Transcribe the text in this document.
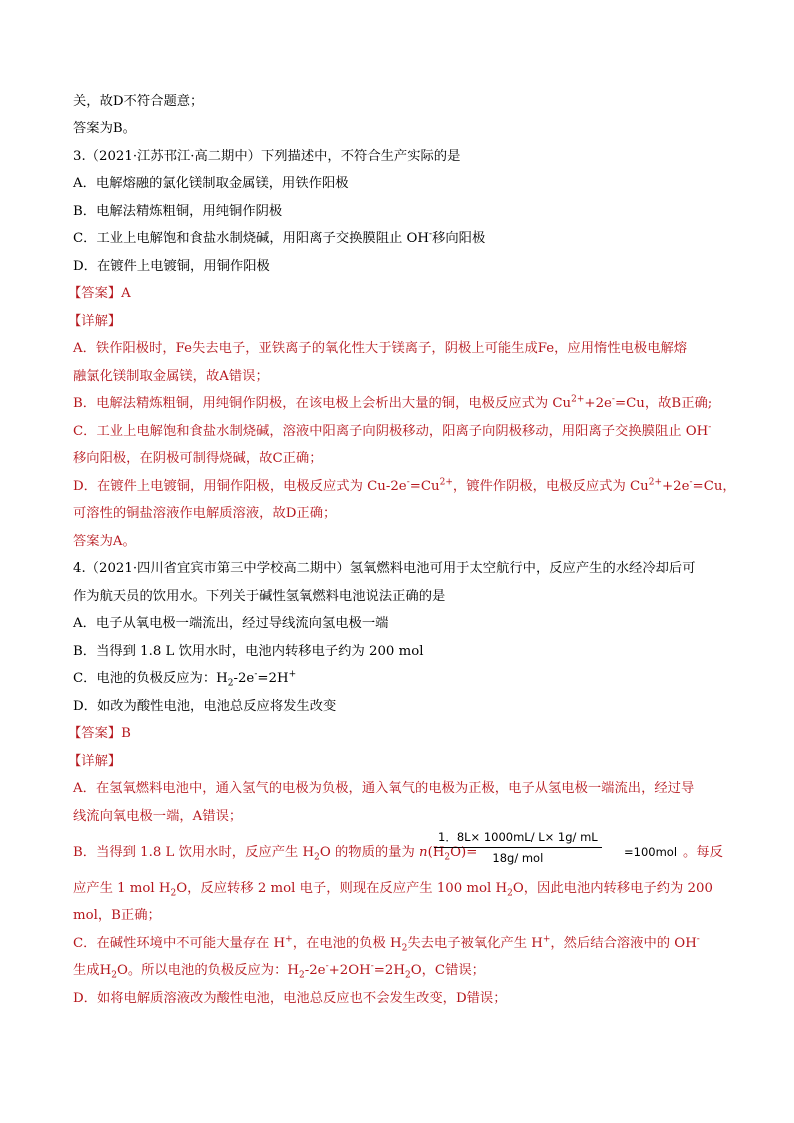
关，故D不符合题意；
答案为B。
3.（2021·江苏邗江·高二期中）下列描述中，不符合生产实际的是
A．电解熔融的氯化镁制取金属镁，用铁作阳极
B．电解法精炼粗铜，用纯铜作阴极
C．工业上电解饱和食盐水制烧碱，用阳离子交换膜阻止 OH-移向阳极
D．在镀件上电镀铜，用铜作阳极
【答案】A
【详解】
A．铁作阳极时，Fe失去电子，亚铁离子的氧化性大于镁离子，阴极上可能生成Fe，应用惰性电极电解熔
融氯化镁制取金属镁，故A错误；
B．电解法精炼粗铜，用纯铜作阴极，在该电极上会析出大量的铜，电极反应式为 $Cu^{2+}+2e^-=Cu$，故B正确;
C．工业上电解饱和食盐水制烧碱，溶液中阳离子向阴极移动，阳离子向阴极移动，用阳离子交换膜阻止 OH-
移向阳极，在阴极可制得烧碱，故C正确；
D．在镀件上电镀铜，用铜作阳极，电极反应式为 $Cu-2e^-=Cu^{2+}$，镀件作阴极，电极反应式为 $Cu^{2+}+2e^-=Cu$，
可溶性的铜盐溶液作电解质溶液，故D正确；
答案为A。
4.（2021·四川省宜宾市第三中学校高二期中）氢氧燃料电池可用于太空航行中，反应产生的水经冷却后可
作为航天员的饮用水。下列关于碱性氢氧燃料电池说法正确的是
A．电子从氧电极一端流出，经过导线流向氢电极一端
B．当得到 1.8 L 饮用水时，电池内转移电子约为 200 mol
C．电池的负极反应为：$H_2-2e^-=2H^+$
D．如改为酸性电池，电池总反应将发生改变
【答案】B
【详解】
A．在氢氧燃料电池中，通入氢气的电极为负极，通入氧气的电极为正极，电子从氢电极一端流出，经过导
线流向氧电极一端，A错误；
B．当得到 1.8 L 饮用水时，反应产生 $H_2O$ 的物质的量为 $n(H_2O)=$
1．8L× 1000mL/ L× 1g/ mL
18g/ mol	=100mol 。每反
应产生 1 mol $H_2O$，反应转移 2 mol 电子，则现在反应产生 100 mol $H_2O$，因此电池内转移电子约为 200
mol，B正确；
C．在碱性环境中不可能大量存在 H+，在电池的负极 $H_2$失去电子被氧化产生 H+，然后结合溶液中的 OH-
生成$H_2O$。所以电池的负极反应为：$H_2-2e^-+2OH^-=2H_2O$，C错误；
D．如将电解质溶液改为酸性电池，电池总反应也不会发生改变，D错误；
